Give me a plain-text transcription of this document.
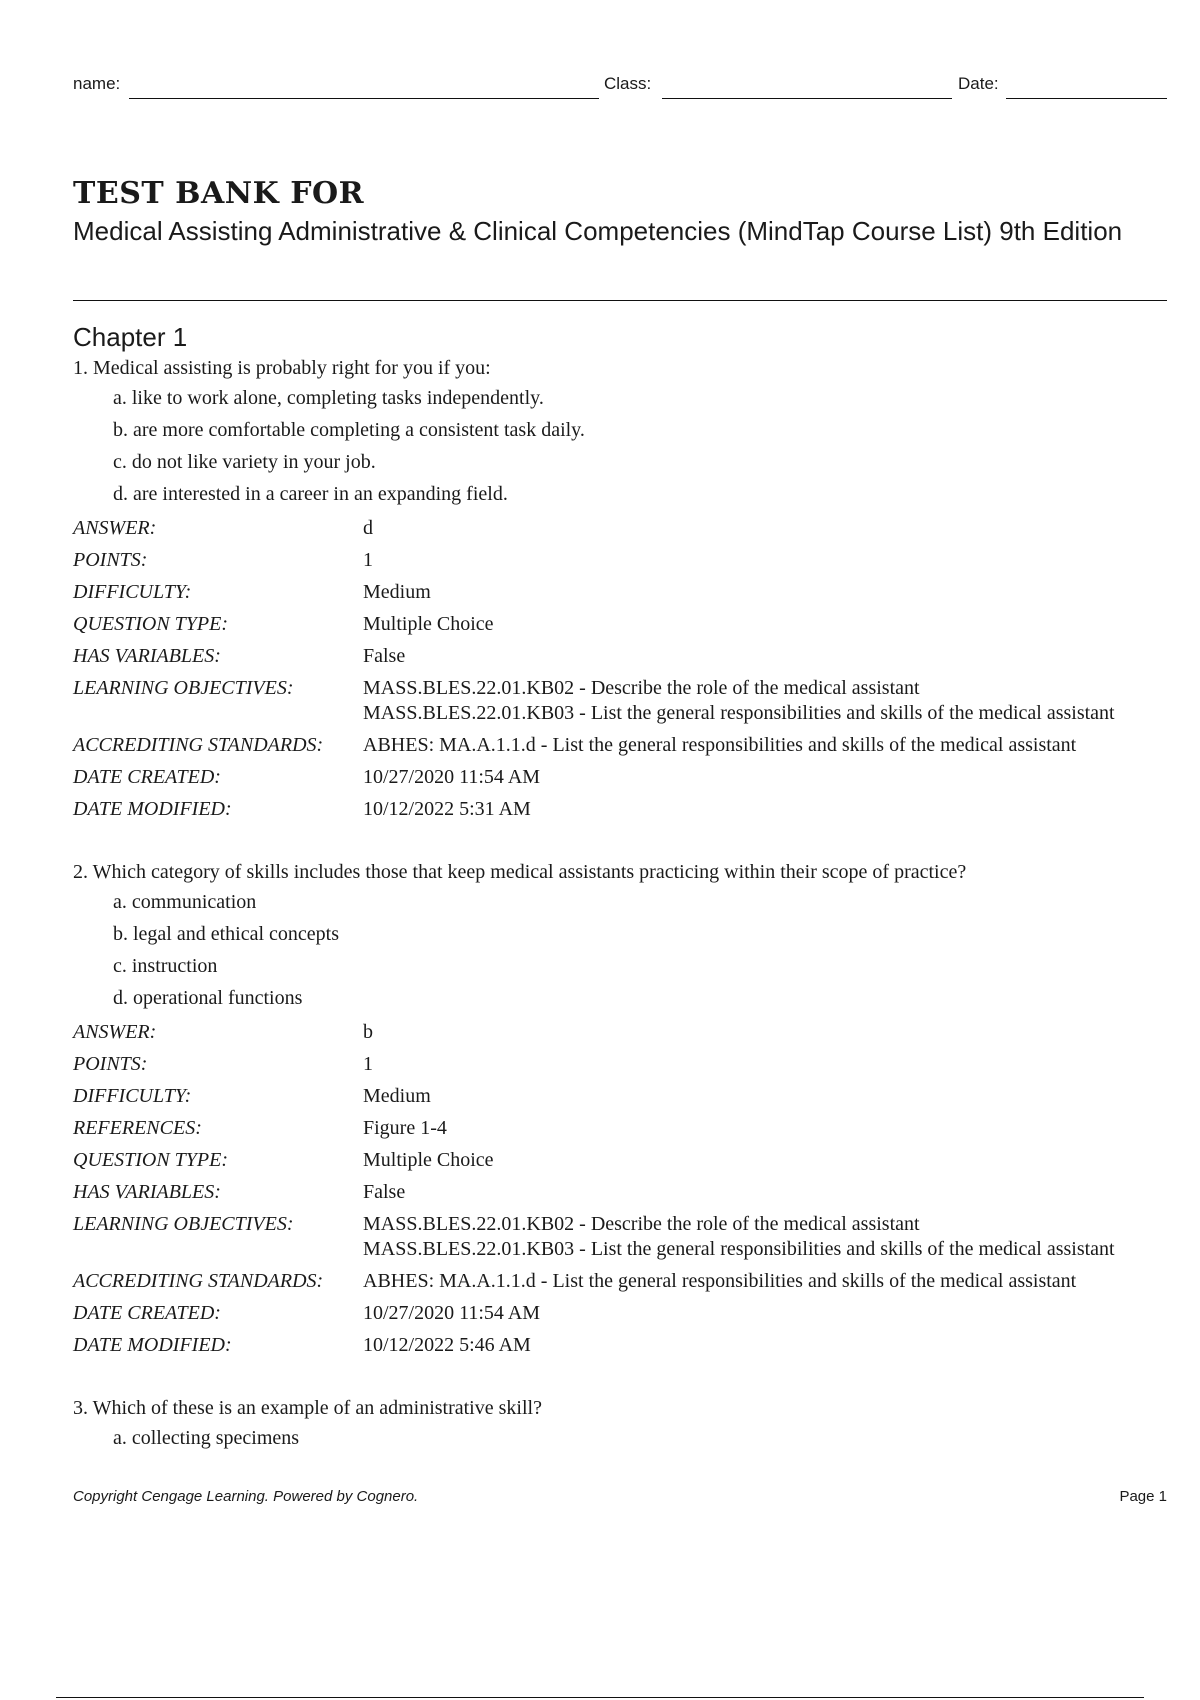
name:	Class:	Date:
TEST BANK FOR
Medical Assisting Administrative & Clinical Competencies (MindTap Course List) 9th Edition
Chapter 1
1. Medical assisting is probably right for you if you:
a. like to work alone, completing tasks independently.
b. are more comfortable completing a consistent task daily.
c. do not like variety in your job.
d. are interested in a career in an expanding field.
ANSWER:	d
POINTS:	1
DIFFICULTY:	Medium
QUESTION TYPE:	Multiple Choice
HAS VARIABLES:	False
LEARNING OBJECTIVES:	MASS.BLES.22.01.KB02 - Describe the role of the medical assistant
MASS.BLES.22.01.KB03 - List the general responsibilities and skills of the medical assistant

ACCREDITING STANDARDS:	ABHES: MA.A.1.1.d - List the general responsibilities and skills of the medical assistant
DATE CREATED:	10/27/2020 11:54 AM
DATE MODIFIED:	10/12/2022 5:31 AM
2. Which category of skills includes those that keep medical assistants practicing within their scope of practice?
a. communication
b. legal and ethical concepts
c. instruction
d. operational functions
ANSWER:	b
POINTS:	1
DIFFICULTY:	Medium
REFERENCES:	Figure 1-4
QUESTION TYPE:	Multiple Choice
HAS VARIABLES:	False
LEARNING OBJECTIVES:	MASS.BLES.22.01.KB02 - Describe the role of the medical assistant
MASS.BLES.22.01.KB03 - List the general responsibilities and skills of the medical assistant

ACCREDITING STANDARDS:	ABHES: MA.A.1.1.d - List the general responsibilities and skills of the medical assistant
DATE CREATED:	10/27/2020 11:54 AM
DATE MODIFIED:	10/12/2022 5:46 AM
3. Which of these is an example of an administrative skill?
a. collecting specimens
Copyright Cengage Learning. Powered by Cognero.	Page 1
